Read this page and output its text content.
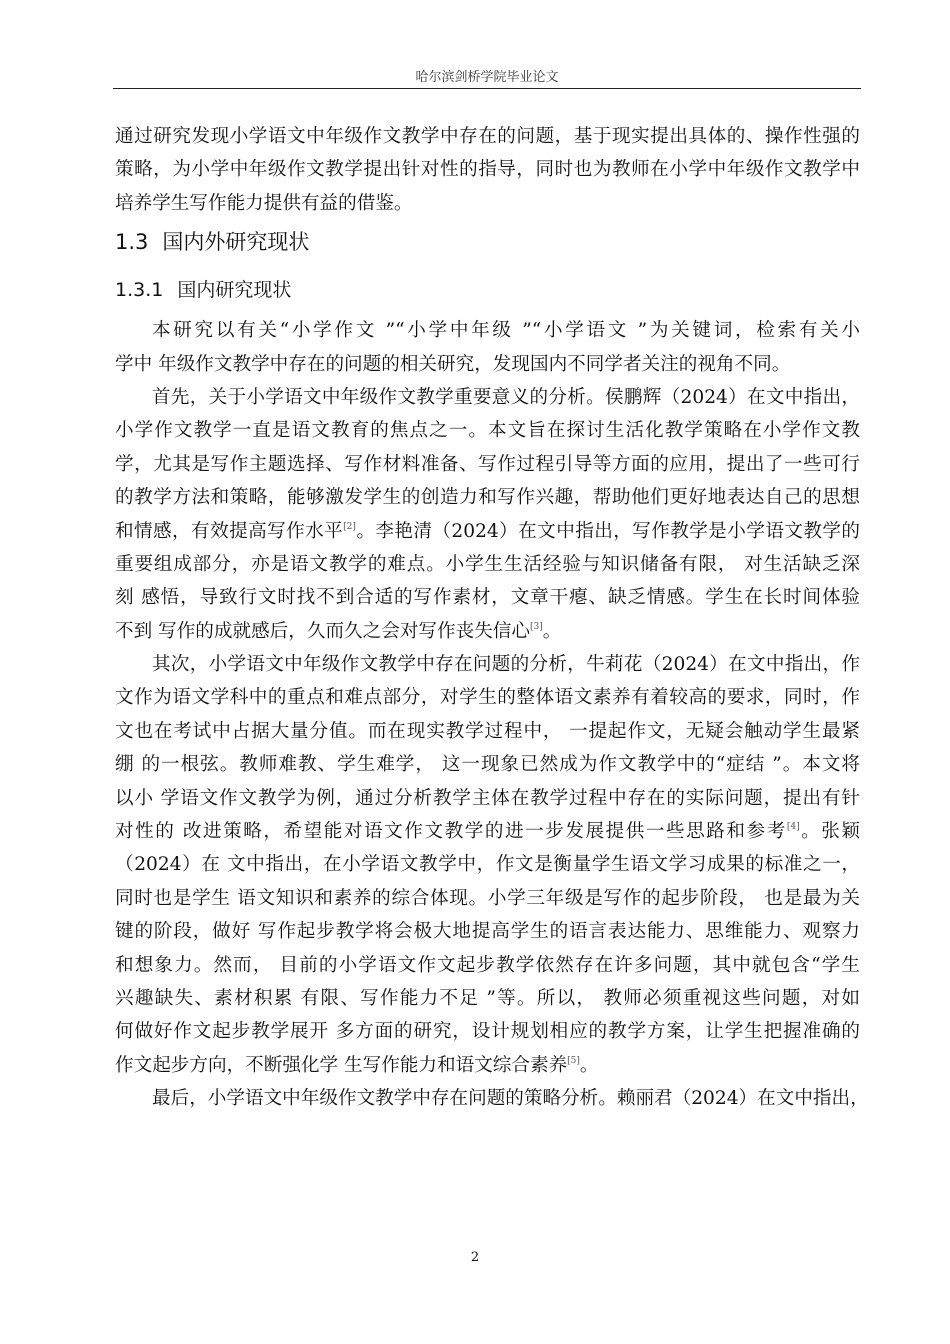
哈尔滨剑桥学院毕业论文
通过研究发现小学语文中年级作文教学中存在的问题，基于现实提出具体的、操作性强的
策略，为小学中年级作文教学提出针对性的指导，同时也为教师在小学中年级作文教学中
培养学生写作能力提供有益的借鉴。
1.3 国内外研究现状
1.3.1 国内研究现状
本研究以有关“小学作文 ”“小学中年级 ”“小学语文 ”为关键词，检索有关小
学中 年级作文教学中存在的问题的相关研究，发现国内不同学者关注的视角不同。
首先，关于小学语文中年级作文教学重要意义的分析。侯鹏辉（2024）在文中指出，
小学作文教学一直是语文教育的焦点之一。本文旨在探讨生活化教学策略在小学作文教
学，尤其是写作主题选择、写作材料准备、写作过程引导等方面的应用，提出了一些可行
的教学方法和策略，能够激发学生的创造力和写作兴趣，帮助他们更好地表达自己的思想
和情感，有效提高写作水平[2]。李艳清（2024）在文中指出，写作教学是小学语文教学的
重要组成部分，亦是语文教学的难点。小学生生活经验与知识储备有限， 对生活缺乏深
刻 感悟，导致行文时找不到合适的写作素材，文章干瘪、缺乏情感。学生在长时间体验
不到 写作的成就感后，久而久之会对写作丧失信心[3]。
其次，小学语文中年级作文教学中存在问题的分析，牛莉花（2024）在文中指出，作
文作为语文学科中的重点和难点部分，对学生的整体语文素养有着较高的要求，同时，作
文也在考试中占据大量分值。而在现实教学过程中， 一提起作文，无疑会触动学生最紧
绷 的一根弦。教师难教、学生难学， 这一现象已然成为作文教学中的“症结 ”。本文将
以小 学语文作文教学为例，通过分析教学主体在教学过程中存在的实际问题，提出有针
对性的 改进策略，希望能对语文作文教学的进一步发展提供一些思路和参考[4]。张颖
（2024）在 文中指出，在小学语文教学中，作文是衡量学生语文学习成果的标准之一，
同时也是学生 语文知识和素养的综合体现。小学三年级是写作的起步阶段， 也是最为关
键的阶段，做好 写作起步教学将会极大地提高学生的语言表达能力、思维能力、观察力
和想象力。然而， 目前的小学语文作文起步教学依然存在许多问题，其中就包含“学生
兴趣缺失、素材积累 有限、写作能力不足 ”等。所以， 教师必须重视这些问题，对如
何做好作文起步教学展开 多方面的研究，设计规划相应的教学方案，让学生把握准确的
作文起步方向，不断强化学 生写作能力和语文综合素养[5]。
最后，小学语文中年级作文教学中存在问题的策略分析。赖丽君（2024）在文中指出，
2
